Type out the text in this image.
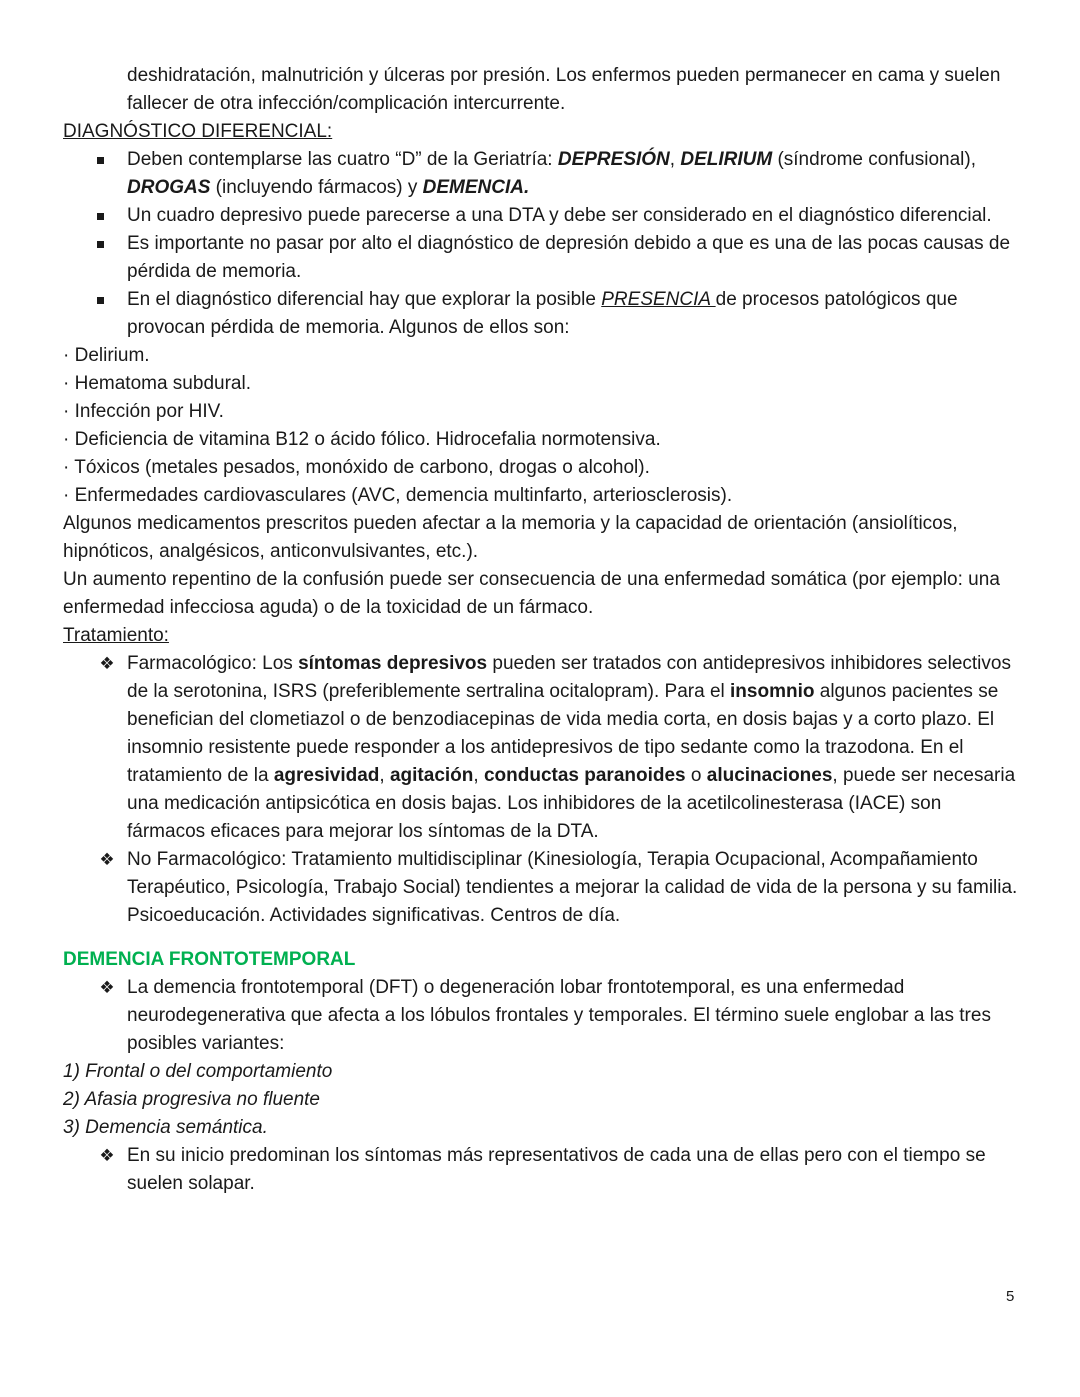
deshidratación, malnutrición y úlceras por presión. Los enfermos pueden permanecer en cama y suelen fallecer de otra infección/complicación intercurrente.

DIAGNÓSTICO DIFERENCIAL:

Deben contemplarse las cuatro “D” de la Geriatría: DEPRESIÓN, DELIRIUM (síndrome confusional), DROGAS (incluyendo fármacos) y DEMENCIA.
Un cuadro depresivo puede parecerse a una DTA y debe ser considerado en el diagnóstico diferencial.
Es importante no pasar por alto el diagnóstico de depresión debido a que es una de las pocas causas de pérdida de memoria.
En el diagnóstico diferencial hay que explorar la posible PRESENCIA de procesos patológicos que provocan pérdida de memoria. Algunos de ellos son:

· Delirium.

· Hematoma subdural.

· Infección por HIV.

· Deficiencia de vitamina B12 o ácido fólico. Hidrocefalia normotensiva.

· Tóxicos (metales pesados, monóxido de carbono, drogas o alcohol).

· Enfermedades cardiovasculares (AVC, demencia multinfarto, arteriosclerosis).

Algunos medicamentos prescritos pueden afectar a la memoria y la capacidad de orientación (ansiolíticos, hipnóticos, analgésicos, anticonvulsivantes, etc.).

Un aumento repentino de la confusión puede ser consecuencia de una enfermedad somática (por ejemplo: una enfermedad infecciosa aguda) o de la toxicidad de un fármaco.

Tratamiento:

❖ Farmacológico: Los síntomas depresivos pueden ser tratados con antidepresivos inhibidores selectivos de la serotonina, ISRS (preferiblemente sertralina ocitalopram). Para el insomnio algunos pacientes se benefician del clometiazol o de benzodiacepinas de vida media corta, en dosis bajas y a corto plazo. El insomnio resistente puede responder a los antidepresivos de tipo sedante como la trazodona. En el tratamiento de la agresividad, agitación, conductas paranoides o alucinaciones, puede ser necesaria una medicación antipsicótica en dosis bajas. Los inhibidores de la acetilcolinesterasa (IACE) son fármacos eficaces para mejorar los síntomas de la DTA.
❖ No Farmacológico: Tratamiento multidisciplinar (Kinesiología, Terapia Ocupacional, Acompañamiento Terapéutico, Psicología, Trabajo Social) tendientes a mejorar la calidad de vida de la persona y su familia. Psicoeducación. Actividades significativas. Centros de día.

DEMENCIA FRONTOTEMPORAL

❖ La demencia frontotemporal (DFT) o degeneración lobar frontotemporal, es una enfermedad neurodegenerativa que afecta a los lóbulos frontales y temporales. El término suele englobar a las tres posibles variantes:

1) Frontal o del comportamiento

2) Afasia progresiva no fluente

3) Demencia semántica.

❖ En su inicio predominan los síntomas más representativos de cada una de ellas pero con el tiempo se suelen solapar.
5
